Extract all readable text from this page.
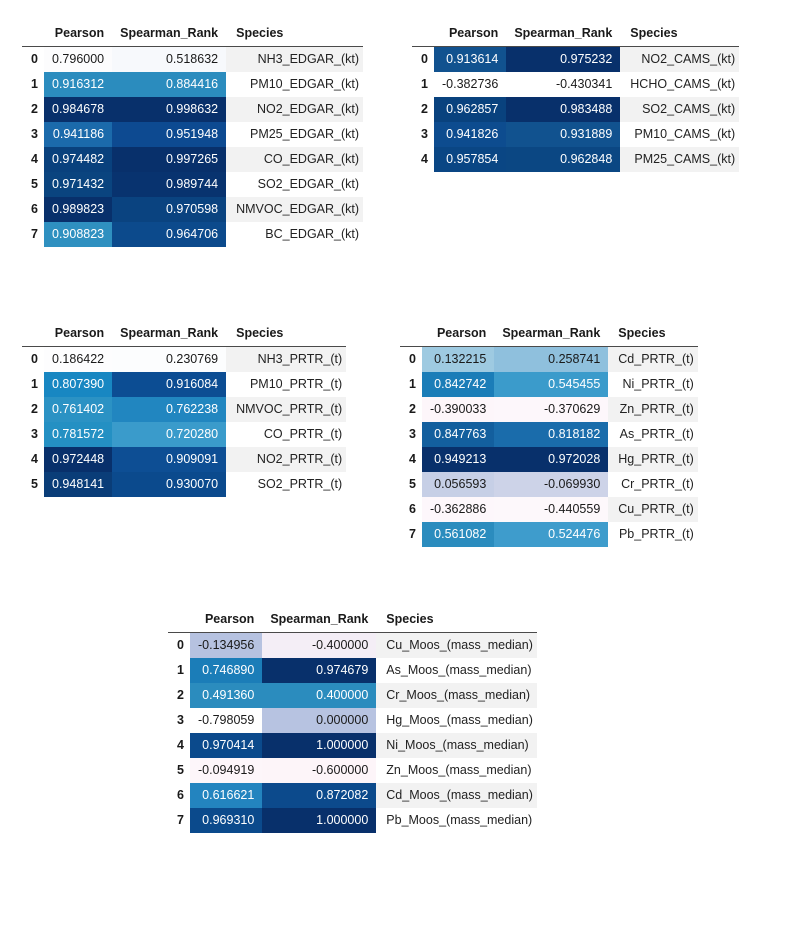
	Pearson	Spearman_Rank	Species
0	0.796000	0.518632	NH3_EDGAR_(kt)
1	0.916312	0.884416	PM10_EDGAR_(kt)
2	0.984678	0.998632	NO2_EDGAR_(kt)
3	0.941186	0.951948	PM25_EDGAR_(kt)
4	0.974482	0.997265	CO_EDGAR_(kt)
5	0.971432	0.989744	SO2_EDGAR_(kt)
6	0.989823	0.970598	NMVOC_EDGAR_(kt)
7	0.908823	0.964706	BC_EDGAR_(kt)
	Pearson	Spearman_Rank	Species
0	0.913614	0.975232	NO2_CAMS_(kt)
1	-0.382736	-0.430341	HCHO_CAMS_(kt)
2	0.962857	0.983488	SO2_CAMS_(kt)
3	0.941826	0.931889	PM10_CAMS_(kt)
4	0.957854	0.962848	PM25_CAMS_(kt)
	Pearson	Spearman_Rank	Species
0	0.186422	0.230769	NH3_PRTR_(t)
1	0.807390	0.916084	PM10_PRTR_(t)
2	0.761402	0.762238	NMVOC_PRTR_(t)
3	0.781572	0.720280	CO_PRTR_(t)
4	0.972448	0.909091	NO2_PRTR_(t)
5	0.948141	0.930070	SO2_PRTR_(t)
	Pearson	Spearman_Rank	Species
0	0.132215	0.258741	Cd_PRTR_(t)
1	0.842742	0.545455	Ni_PRTR_(t)
2	-0.390033	-0.370629	Zn_PRTR_(t)
3	0.847763	0.818182	As_PRTR_(t)
4	0.949213	0.972028	Hg_PRTR_(t)
5	0.056593	-0.069930	Cr_PRTR_(t)
6	-0.362886	-0.440559	Cu_PRTR_(t)
7	0.561082	0.524476	Pb_PRTR_(t)
	Pearson	Spearman_Rank	Species
0	-0.134956	-0.400000	Cu_Moos_(mass_median)
1	0.746890	0.974679	As_Moos_(mass_median)
2	0.491360	0.400000	Cr_Moos_(mass_median)
3	-0.798059	0.000000	Hg_Moos_(mass_median)
4	0.970414	1.000000	Ni_Moos_(mass_median)
5	-0.094919	-0.600000	Zn_Moos_(mass_median)
6	0.616621	0.872082	Cd_Moos_(mass_median)
7	0.969310	1.000000	Pb_Moos_(mass_median)
